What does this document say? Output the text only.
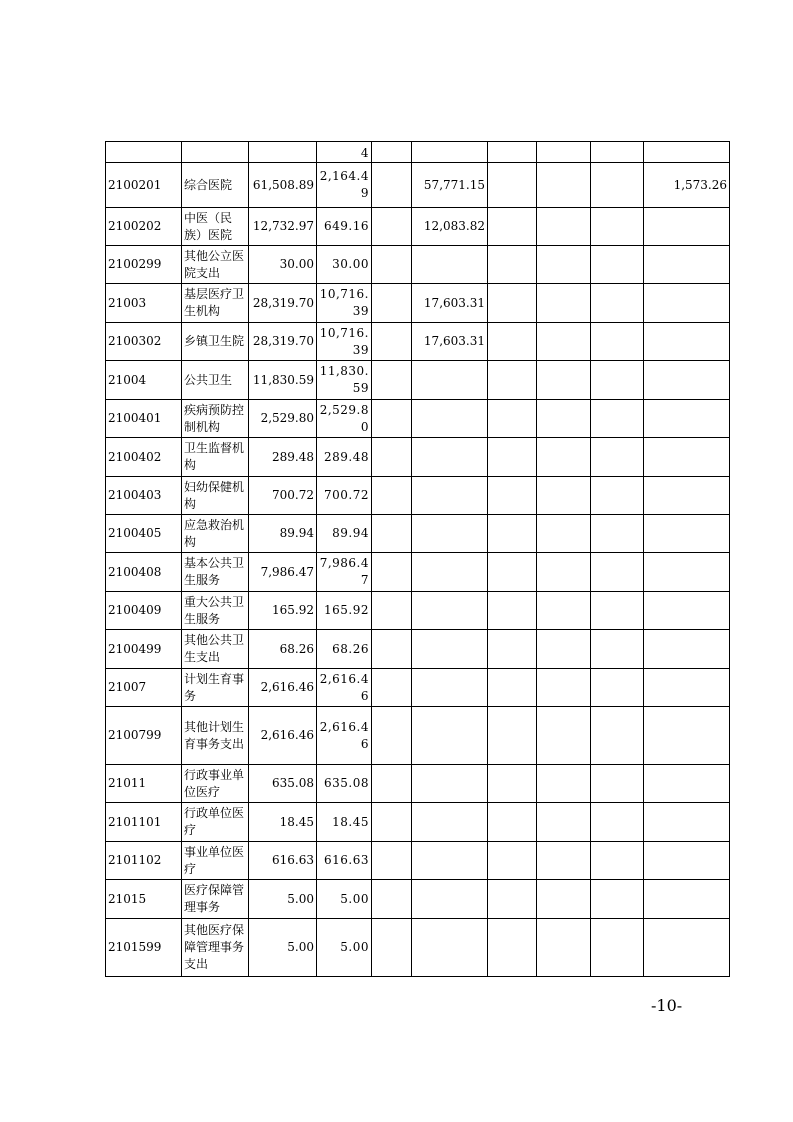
			4						
2100201	综合医院	61,508.89	2,164.49		57,771.15				1,573.26
2100202	中医（民族）医院	12,732.97	649.16		12,083.82				
2100299	其他公立医院支出	30.00	30.00						
21003	基层医疗卫生机构	28,319.70	10,716.39		17,603.31				
2100302	乡镇卫生院	28,319.70	10,716.39		17,603.31				
21004	公共卫生	11,830.59	11,830.59						
2100401	疾病预防控制机构	2,529.80	2,529.80						
2100402	卫生监督机构	289.48	289.48						
2100403	妇幼保健机构	700.72	700.72						
2100405	应急救治机构	89.94	89.94						
2100408	基本公共卫生服务	7,986.47	7,986.47						
2100409	重大公共卫生服务	165.92	165.92						
2100499	其他公共卫生支出	68.26	68.26						
21007	计划生育事务	2,616.46	2,616.46						
2100799	其他计划生育事务支出	2,616.46	2,616.46						
21011	行政事业单位医疗	635.08	635.08						
2101101	行政单位医疗	18.45	18.45						
2101102	事业单位医疗	616.63	616.63						
21015	医疗保障管理事务	5.00	5.00						
2101599	其他医疗保障管理事务支出	5.00	5.00						
-10-
